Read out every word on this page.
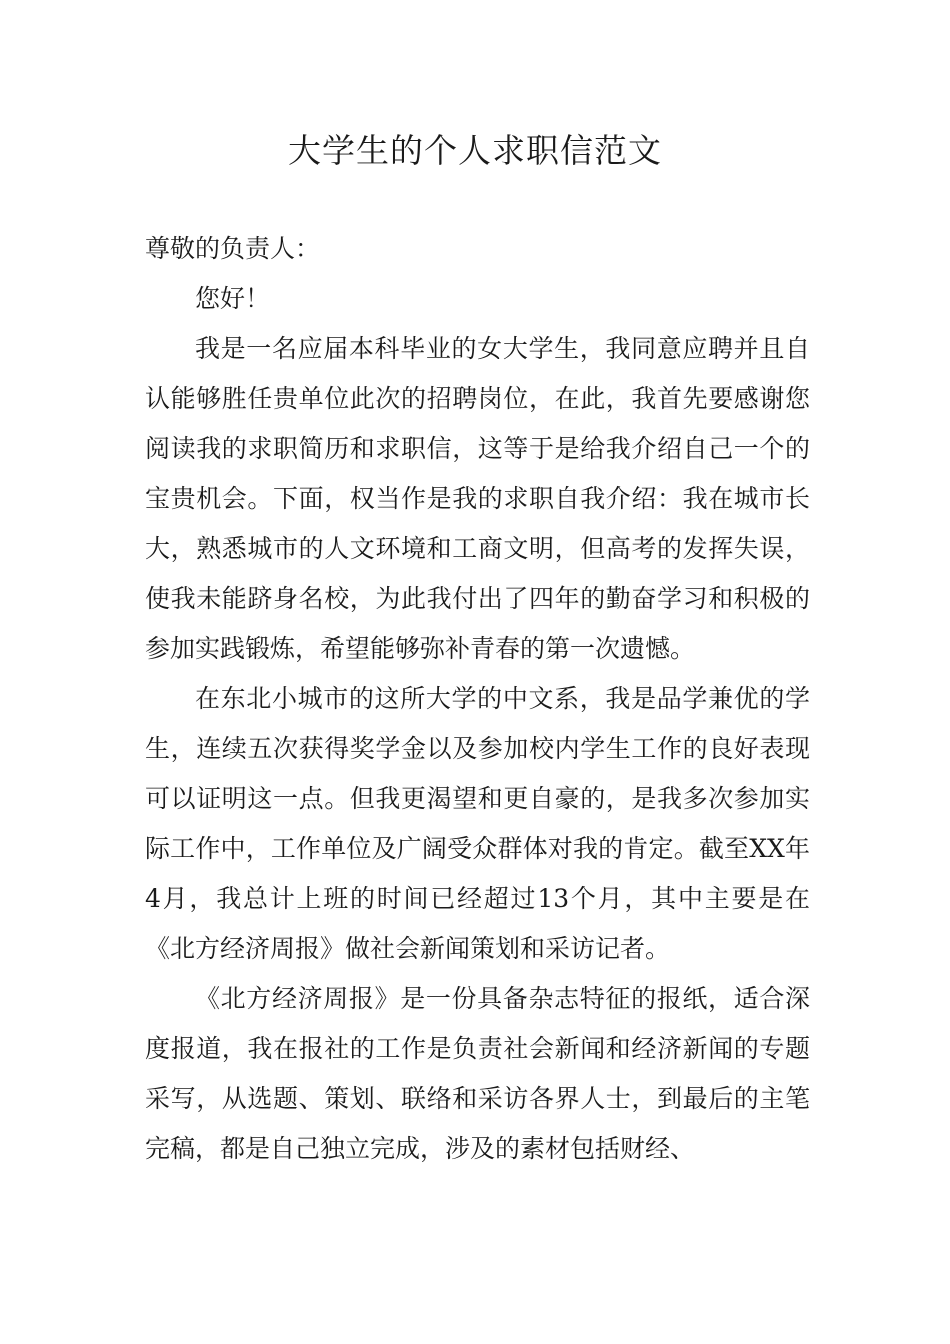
大学生的个人求职信范文

尊敬的负责人：

您好！

我是一名应届本科毕业的女大学生，我同意应聘并且自认能够胜任贵单位此次的招聘岗位，在此，我首先要感谢您阅读我的求职简历和求职信，这等于是给我介绍自己一个的宝贵机会。下面，权当作是我的求职自我介绍：我在城市长大，熟悉城市的人文环境和工商文明，但高考的发挥失误，使我未能跻身名校，为此我付出了四年的勤奋学习和积极的参加实践锻炼，希望能够弥补青春的第一次遗憾。

在东北小城市的这所大学的中文系，我是品学兼优的学生，连续五次获得奖学金以及参加校内学生工作的良好表现可以证明这一点。但我更渴望和更自豪的，是我多次参加实际工作中，工作单位及广阔受众群体对我的肯定。截至XX年4月，我总计上班的时间已经超过13个月，其中主要是在《北方经济周报》做社会新闻策划和采访记者。

《北方经济周报》是一份具备杂志特征的报纸，适合深度报道，我在报社的工作是负责社会新闻和经济新闻的专题采写，从选题、策划、联络和采访各界人士，到最后的主笔完稿，都是自己独立完成，涉及的素材包括财经、
